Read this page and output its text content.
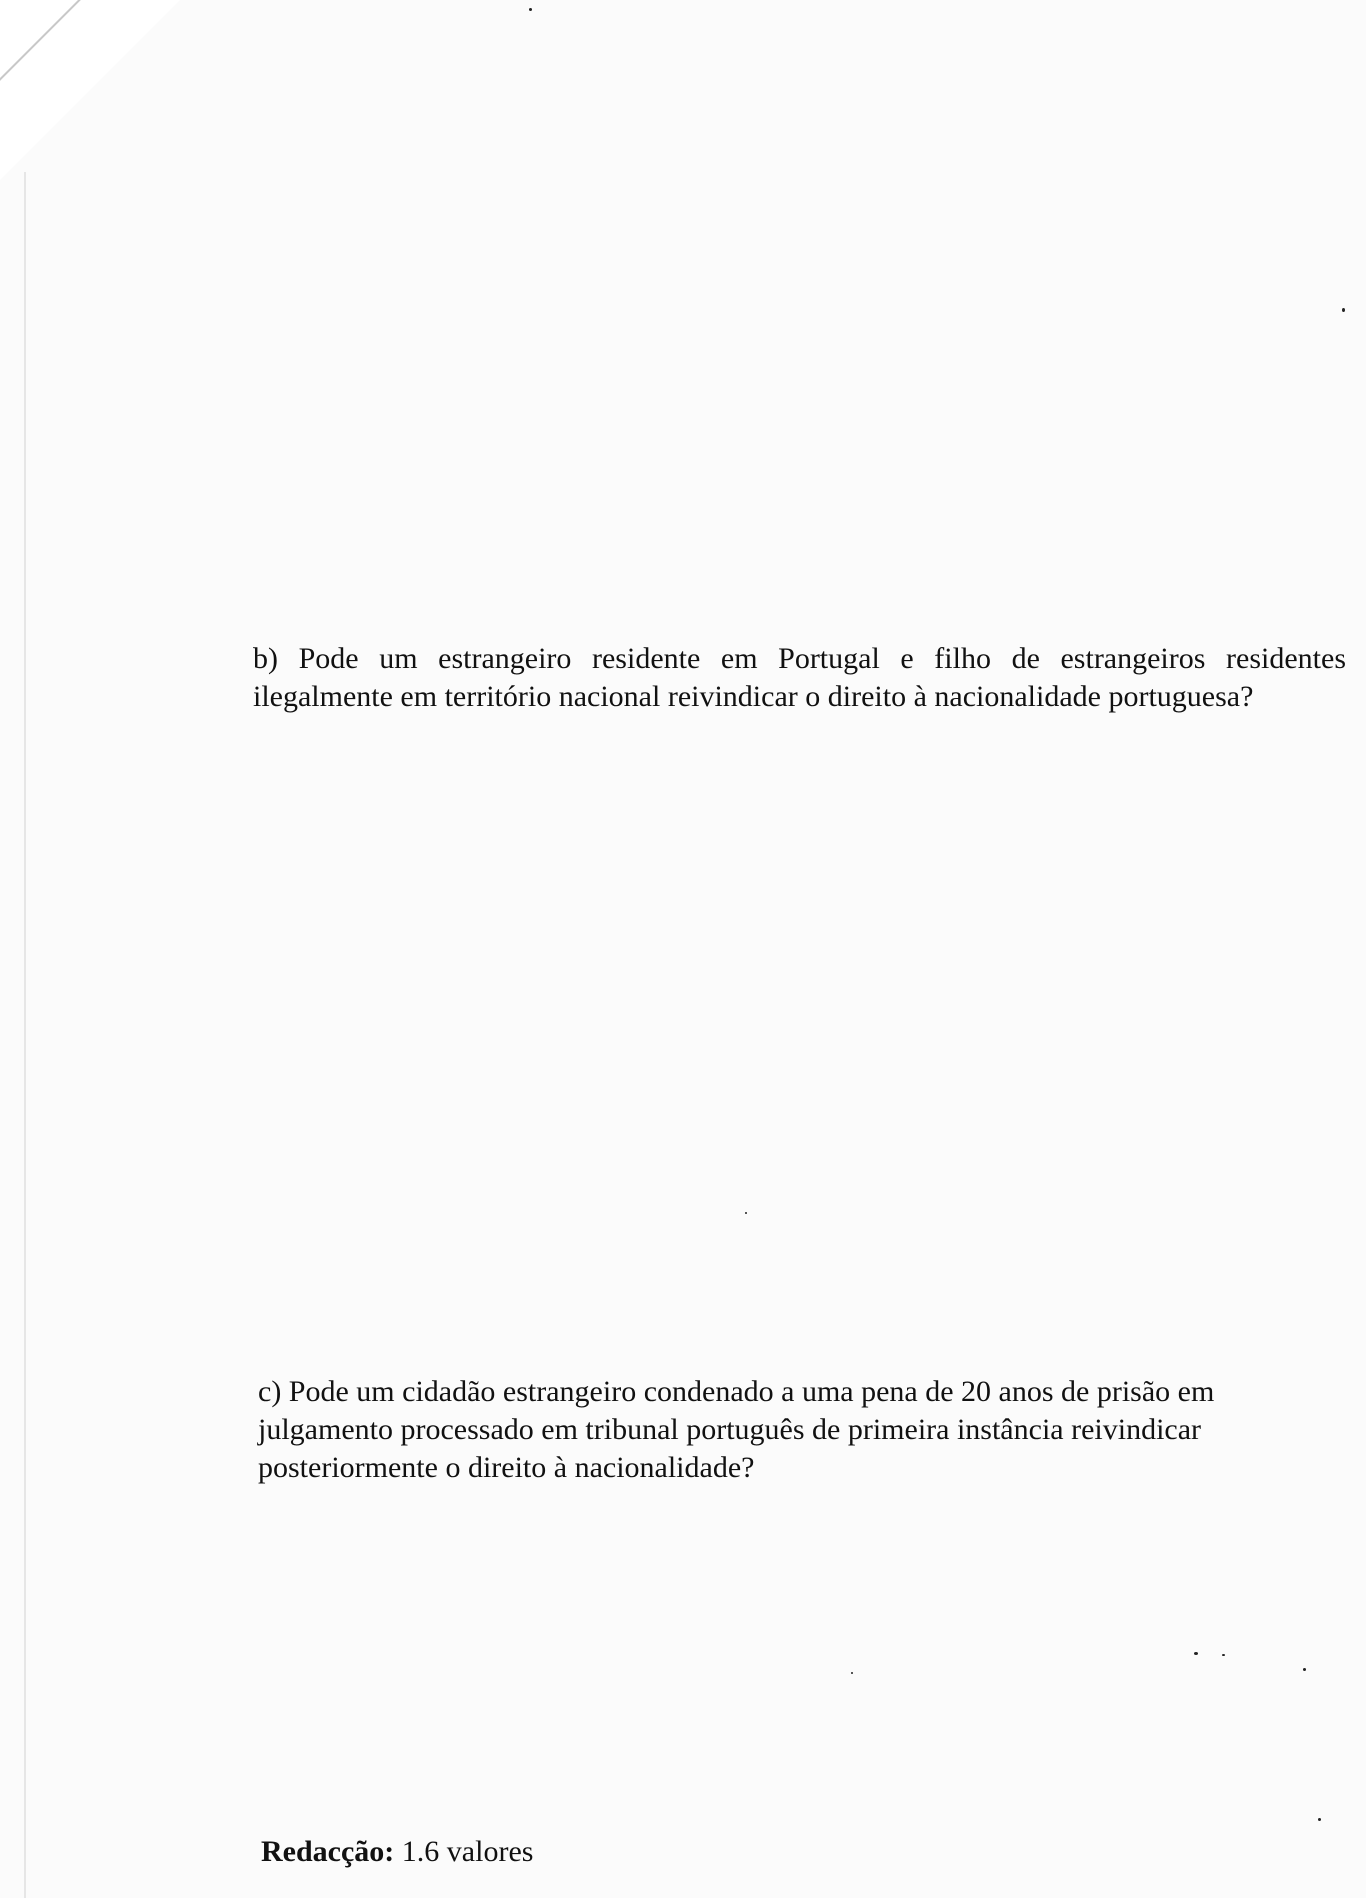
b) Pode um estrangeiro residente em Portugal e filho de estrangeiros residentes ilegalmente em território nacional reivindicar o direito à nacionalidade portuguesa?

c) Pode um cidadão estrangeiro condenado a uma pena de 20 anos de prisão em julgamento processado em tribunal português de primeira instância reivindicar posteriormente o direito à nacionalidade?

Redacção: 1.6 valores
